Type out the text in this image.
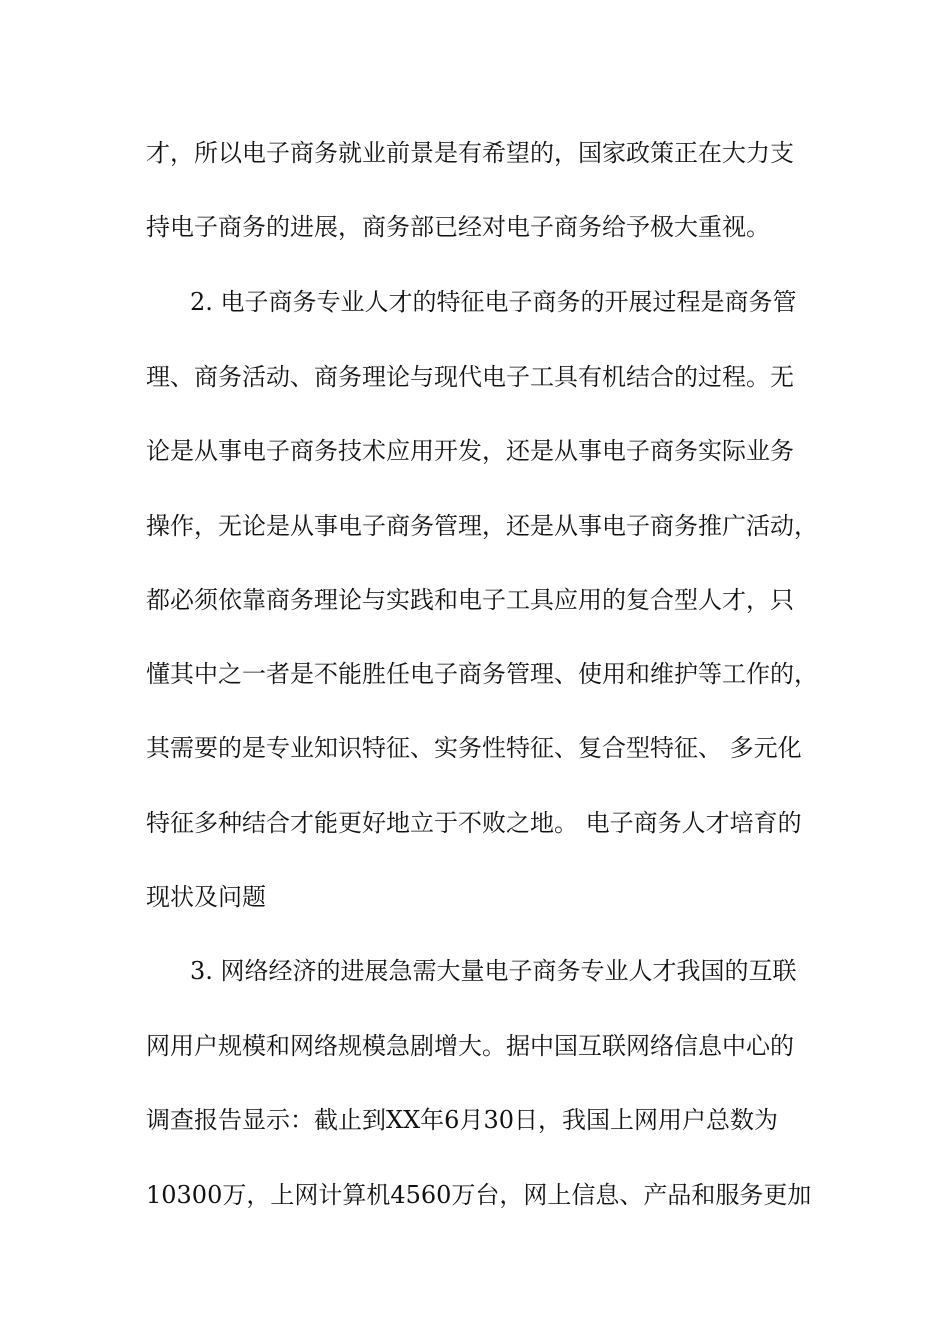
才，所以电子商务就业前景是有希望的，国家政策正在大力支
持电子商务的进展，商务部已经对电子商务给予极大重视。
2. 电子商务专业人才的特征电子商务的开展过程是商务管
理、商务活动、商务理论与现代电子工具有机结合的过程。无
论是从事电子商务技术应用开发，还是从事电子商务实际业务
操作，无论是从事电子商务管理，还是从事电子商务推广活动，
都必须依靠商务理论与实践和电子工具应用的复合型人才，只
懂其中之一者是不能胜任电子商务管理、使用和维护等工作的，
其需要的是专业知识特征、实务性特征、复合型特征、 多元化
特征多种结合才能更好地立于不败之地。 电子商务人才培育的
现状及问题
3. 网络经济的进展急需大量电子商务专业人才我国的互联
网用户规模和网络规模急剧增大。据中国互联网络信息中心的
调查报告显示：截止到XX年6月30日，我国上网用户总数为
10300万，上网计算机4560万台，网上信息、产品和服务更加
